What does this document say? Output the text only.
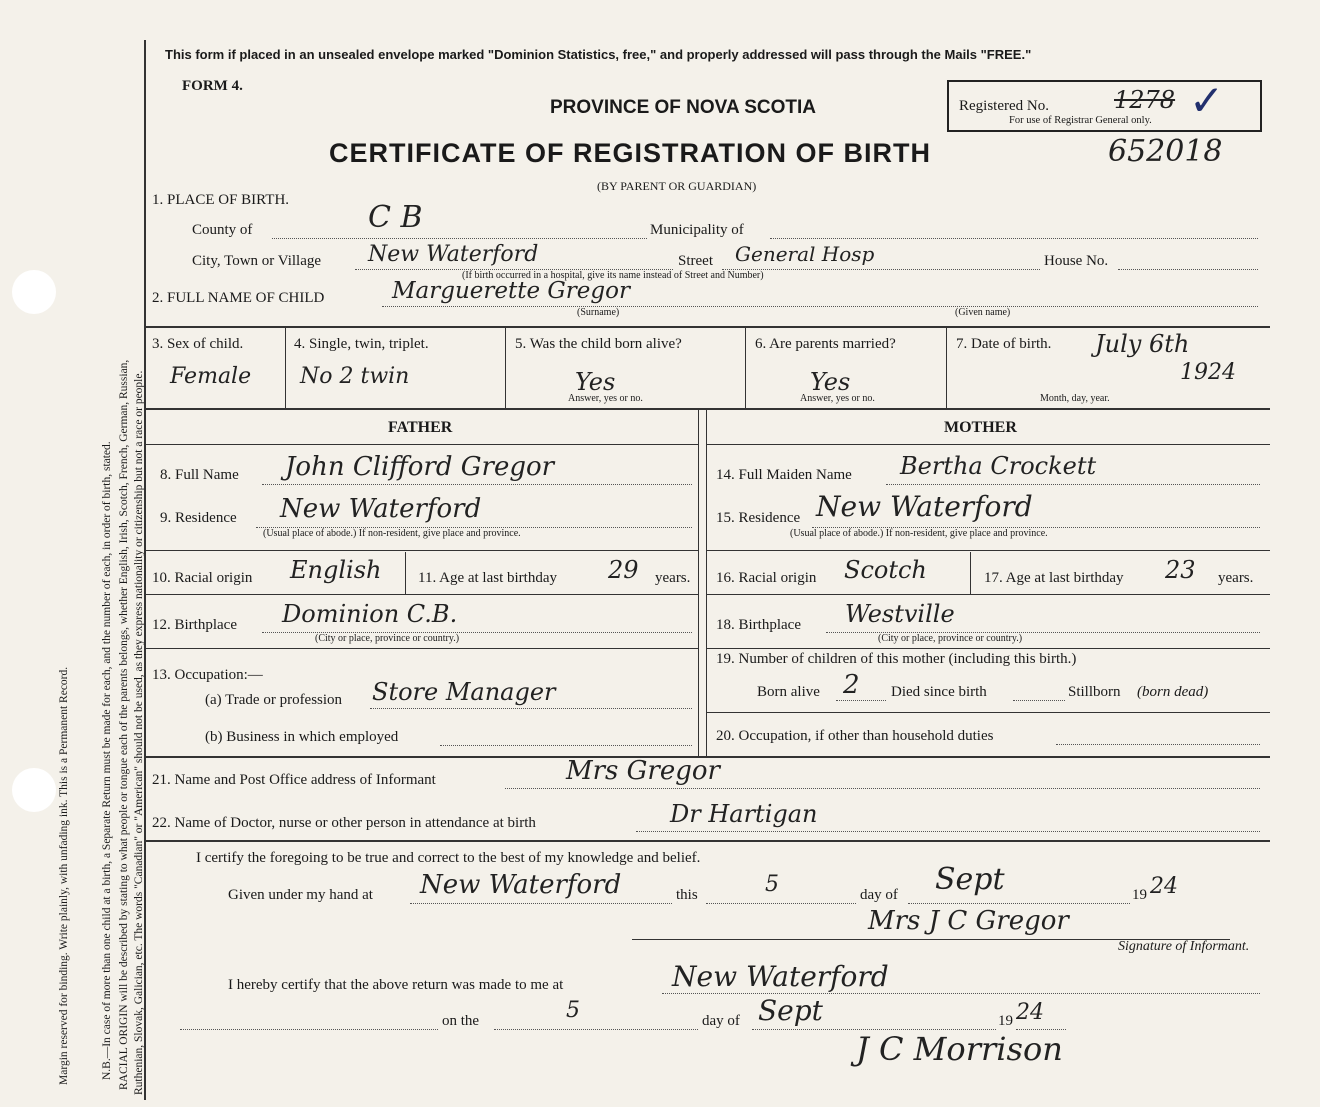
RACIAL ORIGIN will be described by stating to what people or tongue each of the parents belongs, whether English, Irish, Scotch, French, German, Russian, Ruthenian, Slovak, Galician, etc. The words "Canadian" or "American" should not be used, as they express nationality or citizenship but not a race or people.
N.B.—In case of more than one child at a birth, a Separate Return must be made for each, and the number of each, in order of birth, stated.
Margin reserved for binding. Write plainly, with unfading ink. This is a Permanent Record.
This form if placed in an unsealed envelope marked "Dominion Statistics, free," and properly addressed will pass through the Mails "FREE."
FORM 4.
PROVINCE OF NOVA SCOTIA	Registered No.	1278 ✓
For use of Registrar General only.
CERTIFICATE OF REGISTRATION OF BIRTH	652018
(BY PARENT OR GUARDIAN)
1. PLACE OF BIRTH.
County of	C B	Municipality of
City, Town or Village New Waterford	Street General Hosp	House No.
(If birth occurred in a hospital, give its name instead of Street and Number)
2. FULL NAME OF CHILD	Marguerette Gregor
(Surname)	(Given name)
3. Sex of child.
Female
4. Single, twin, triplet.
No 2 twin
5. Was the child born alive?
Yes
Answer, yes or no.
6. Are parents married?
Yes
Answer, yes or no.
7. Date of birth. July 6th
1924
Month, day, year.
FATHER	MOTHER
8. Full Name John Clifford Gregor	14. Full Maiden Name Bertha Crockett
9. Residence New Waterford
(Usual place of abode.) If non-resident, give place and province.
15. Residence New Waterford
(Usual place of abode.) If non-resident, give place and province.
10. Racial origin English 11. Age at last birthday 29 years. 16. Racial origin Scotch	17. Age at last birthday 23 years.
12. Birthplace Dominion C.B.
(City or place, province or country.)
18. Birthplace Westville
(City or place, province or country.)
13. Occupation:—
(a) Trade or profession Store Manager
(b) Business in which employed
19. Number of children of this mother (including this birth.)
Born alive 2 Died since birth	Stillborn (born dead)
20. Occupation, if other than household duties
21. Name and Post Office address of Informant	Mrs Gregor
22. Name of Doctor, nurse or other person in attendance at birth	Dr Hartigan
I certify the foregoing to be true and correct to the best of my knowledge and belief.
Given under my hand at New Waterford	this	5	day of Sept	19 24
Mrs J C Gregor
Signature of Informant.
I hereby certify that the above return was made to me at	New Waterford
on the	5	day of Sept	19 24
J C Morrison
